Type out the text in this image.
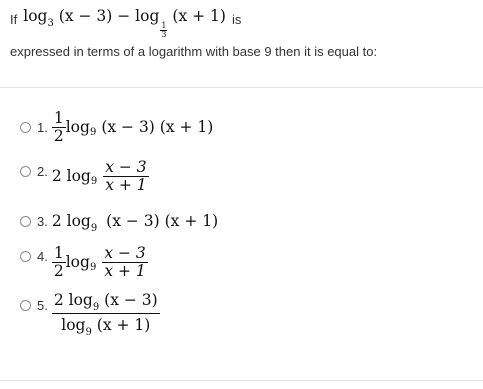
If $\log_3 (x - 3) - \log$
$\frac{1}{3}$
(x + 1) is
expressed in terms of a logarithm with base 9 then it is equal to:
1. $\frac{1}{2}$ log 9 (x − 3) (x + 1)
2. 2 $\log 9 \frac{x - 3}{x + 1}$
3. 2 $\log_9 (x - 3) (x + 1)$
4. $\frac{1}{2}$ $\log 9 \frac{x - 3}{x + 1}$
5. $\frac{2 \log_9 (x - 3)}{\log_9 (x + 1)}$
